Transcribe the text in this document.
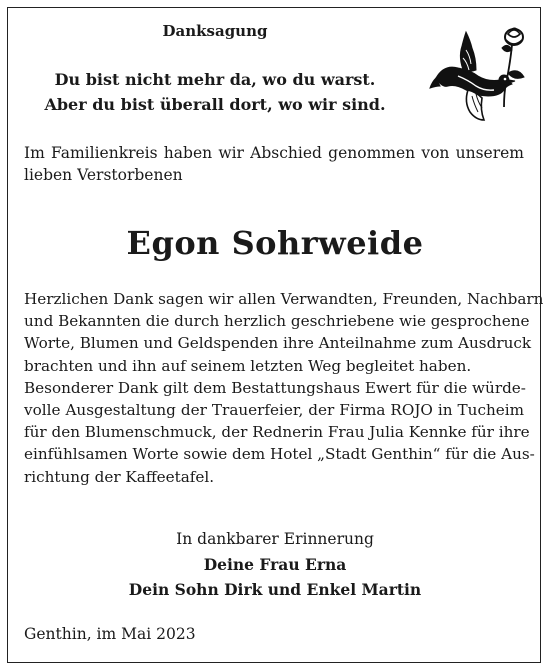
Danksagung
Du bist nicht mehr da, wo du warst.
Aber du bist überall dort, wo wir sind.
Im Familienkreis haben wir Abschied genommen von unserem
lieben Verstorbenen
Egon Sohrweide
Herzlichen Dank sagen wir allen Verwandten, Freunden, Nachbarn
und Bekannten die durch herzlich geschriebene wie gesprochene
Worte, Blumen und Geldspenden ihre Anteilnahme zum Ausdruck
brachten und ihn auf seinem letzten Weg begleitet haben.
Besonderer Dank gilt dem Bestattungshaus Ewert für die würde-
volle Ausgestaltung der Trauerfeier, der Firma ROJO in Tucheim
für den Blumenschmuck, der Rednerin Frau Julia Kennke für ihre
einfühlsamen Worte sowie dem Hotel „Stadt Genthin“ für die Aus-
richtung der Kaffeetafel.
In dankbarer Erinnerung
Deine Frau Erna
Dein Sohn Dirk und Enkel Martin
Genthin, im Mai 2023
